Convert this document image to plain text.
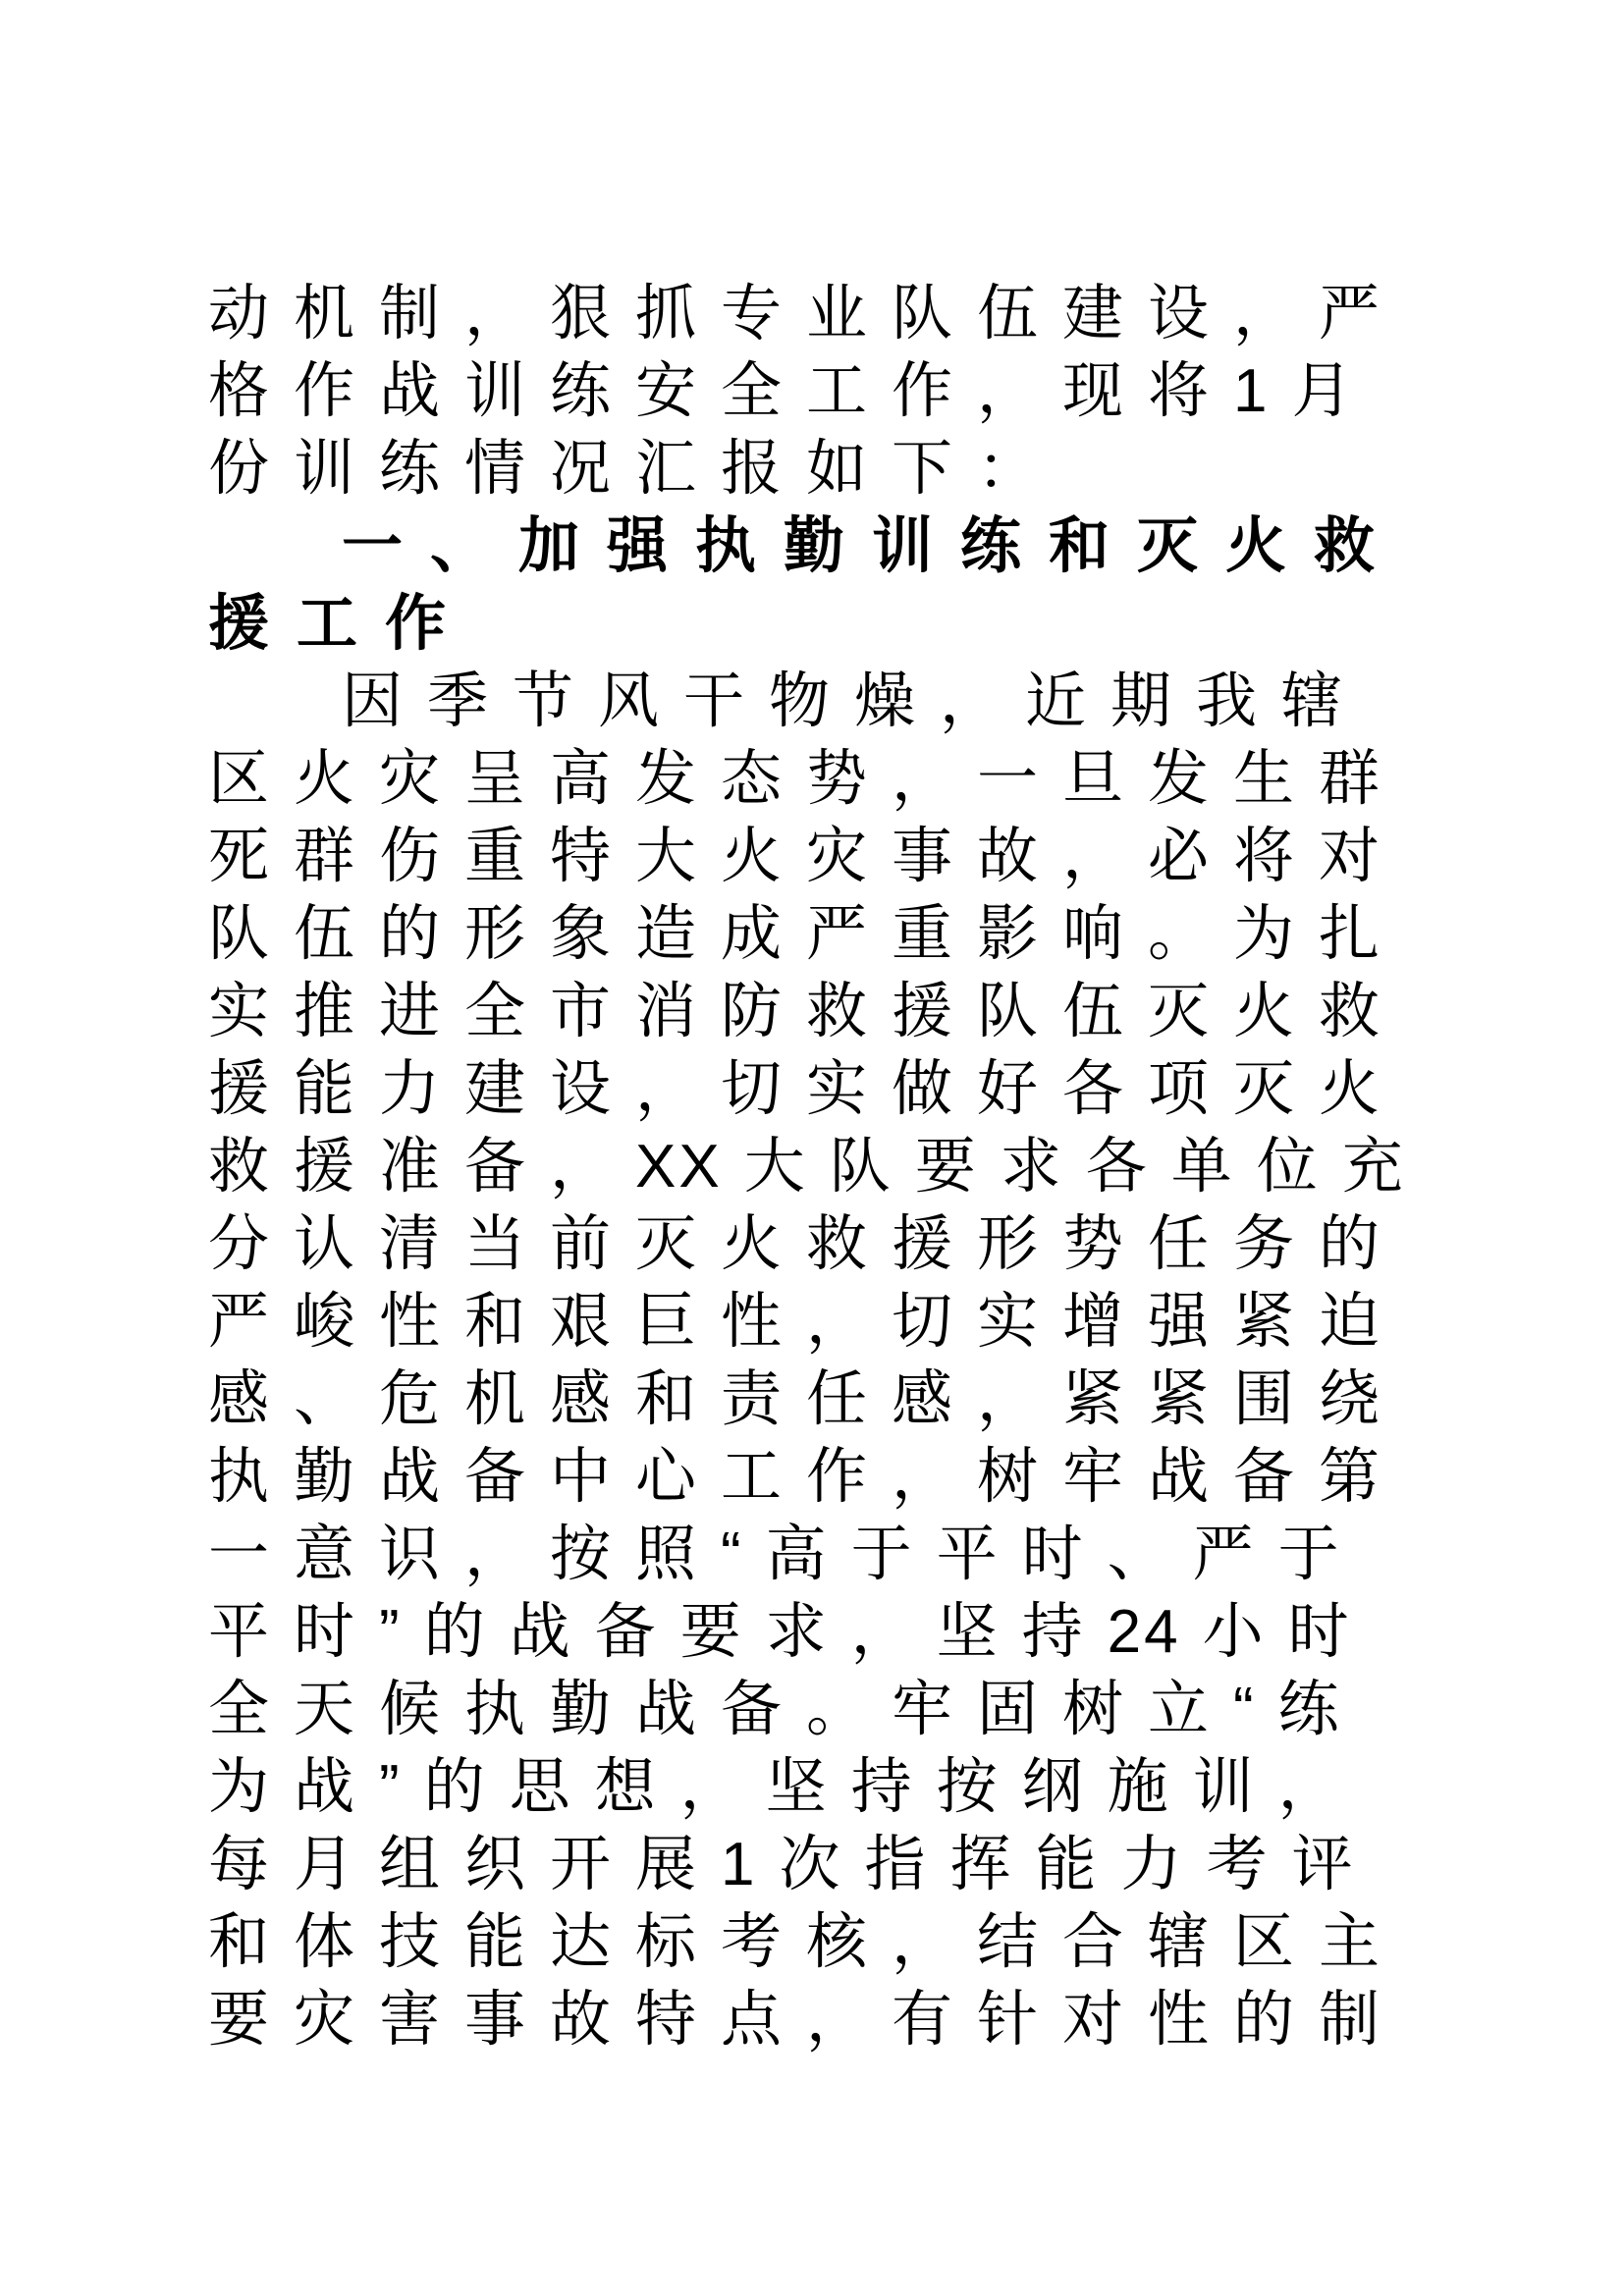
动机制，狠抓专业队伍建设，严
格作战训练安全工作，现将1 月
份训练情况汇报如下：
一、加强执勤训练和灭火救
援工作
因季节风干物燥，近期我辖
区火灾呈高发态势，一旦发生群
死群伤重特大火灾事故，必将对
队伍的形象造成严重影响。为扎
实推进全市消防救援队伍灭火救
援能力建设，切实做好各项灭火
救援准备，XX 大队要求各单位充
分认清当前灭火救援形势任务的
严峻性和艰巨性，切实增强紧迫
感、危机感和责任感，紧紧围绕
执勤战备中心工作，树牢战备第
一意识，按照“高于平时、严于
平时”的战备要求，坚持24 小时
全天候执勤战备。牢固树立“练
为战”的思想，坚持按纲施训，
每月组织开展1 次指挥能力考评
和体技能达标考核，结合辖区主
要灾害事故特点，有针对性的制
